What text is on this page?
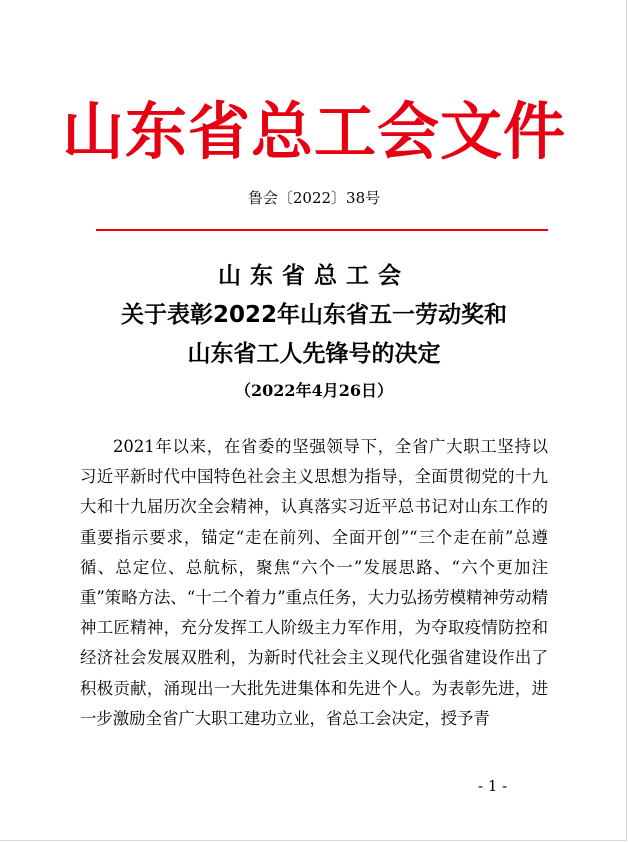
山东省总工会文件
鲁会〔2022〕38号
山东省总工会
关于表彰2022年山东省五一劳动奖和
山东省工人先锋号的决定
（2022年4月26日）
2021年以来，在省委的坚强领导下，全省广大职工坚持以习近平新时代中国特色社会主义思想为指导，全面贯彻党的十九大和十九届历次全会精神，认真落实习近平总书记对山东工作的重要指示要求，锚定“走在前列、全面开创”“三个走在前”总遵循、总定位、总航标，聚焦“六个一”发展思路、“六个更加注重”策略方法、“十二个着力”重点任务，大力弘扬劳模精神劳动精神工匠精神，充分发挥工人阶级主力军作用，为夺取疫情防控和经济社会发展双胜利，为新时代社会主义现代化强省建设作出了积极贡献，涌现出一大批先进集体和先进个人。为表彰先进，进一步激励全省广大职工建功立业，省总工会决定，授予青
- 1 -
